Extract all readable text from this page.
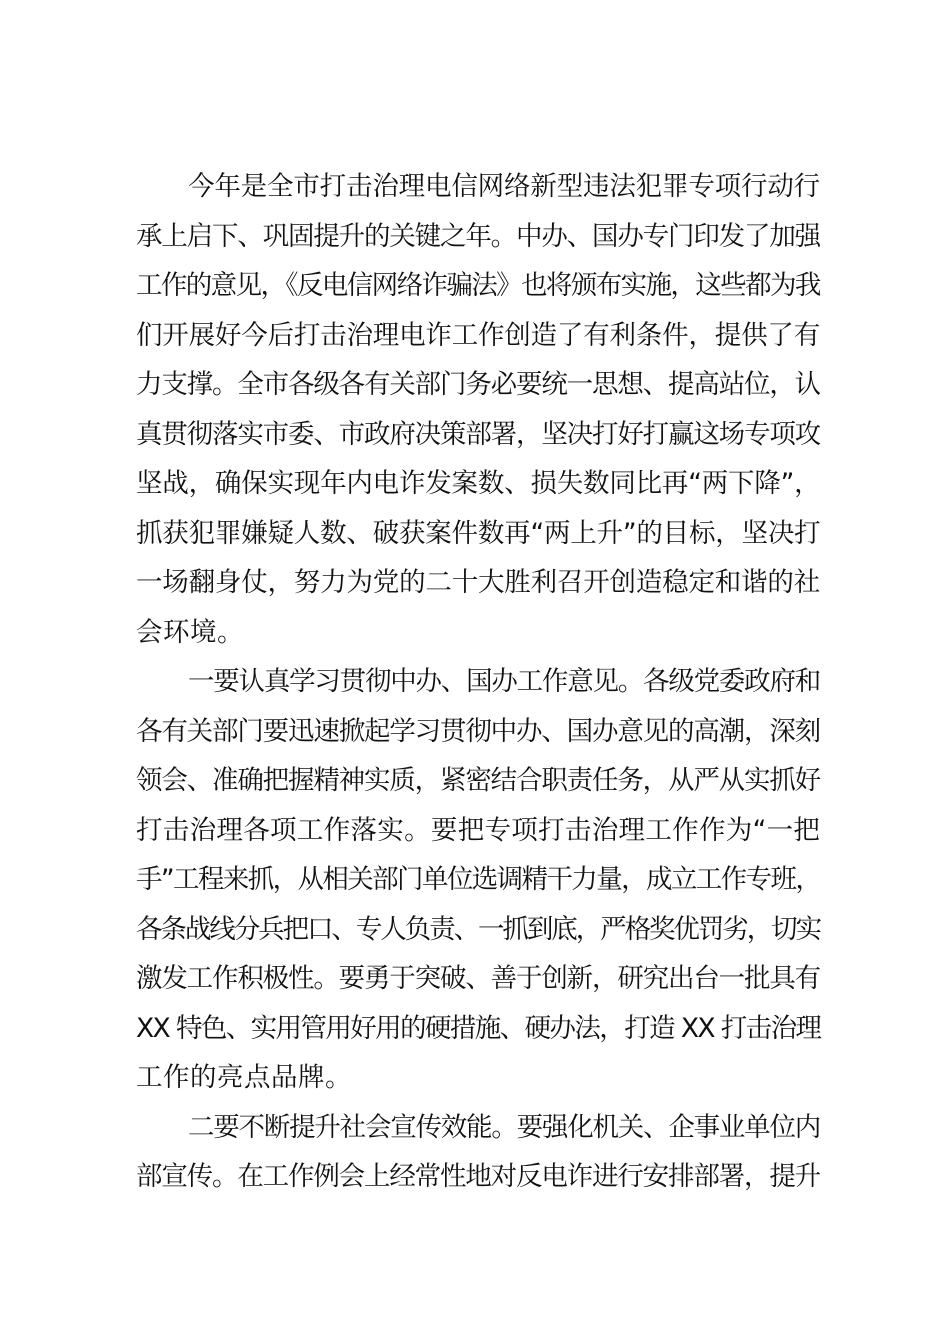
今年是全市打击治理电信网络新型违法犯罪专项行动行
承上启下、巩固提升的关键之年。中办、国办专门印发了加强
工作的意见，《反电信网络诈骗法》也将颁布实施，这些都为我
们开展好今后打击治理电诈工作创造了有利条件，提供了有
力支撑。全市各级各有关部门务必要统一思想、提高站位，认
真贯彻落实市委、市政府决策部署，坚决打好打赢这场专项攻
坚战，确保实现年内电诈发案数、损失数同比再“两下降”，
抓获犯罪嫌疑人数、破获案件数再“两上升”的目标，坚决打
一场翻身仗，努力为党的二十大胜利召开创造稳定和谐的社
会环境。
一要认真学习贯彻中办、国办工作意见。各级党委政府和
各有关部门要迅速掀起学习贯彻中办、国办意见的高潮，深刻
领会、准确把握精神实质，紧密结合职责任务，从严从实抓好
打击治理各项工作落实。要把专项打击治理工作作为“一把
手”工程来抓，从相关部门单位选调精干力量，成立工作专班，
各条战线分兵把口、专人负责、一抓到底，严格奖优罚劣，切实
激发工作积极性。要勇于突破、善于创新，研究出台一批具有
XX 特色、实用管用好用的硬措施、硬办法，打造 XX 打击治理
工作的亮点品牌。
二要不断提升社会宣传效能。要强化机关、企事业单位内
部宣传。在工作例会上经常性地对反电诈进行安排部署，提升
